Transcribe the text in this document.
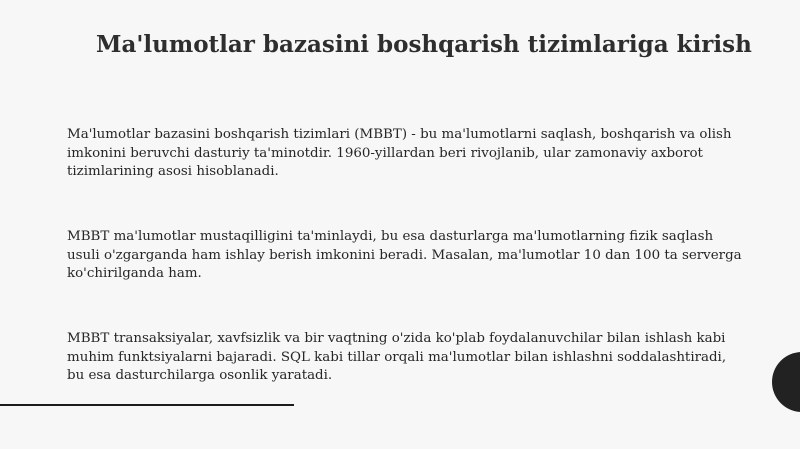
Ma'lumotlar bazasini boshqarish tizimlariga kirish

Ma'lumotlar bazasini boshqarish tizimlari (MBBT) - bu ma'lumotlarni saqlash, boshqarish va olish imkonini beruvchi dasturiy ta'minotdir. 1960-yillardan beri rivojlanib, ular zamonaviy axborot tizimlarining asosi hisoblanadi.

MBBT ma'lumotlar mustaqilligini ta'minlaydi, bu esa dasturlarga ma'lumotlarning fizik saqlash usuli o'zgarganda ham ishlay berish imkonini beradi. Masalan, ma'lumotlar 10 dan 100 ta serverga ko'chirilganda ham.

MBBT transaksiyalar, xavfsizlik va bir vaqtning o'zida ko'plab foydalanuvchilar bilan ishlash kabi muhim funktsiyalarni bajaradi. SQL kabi tillar orqali ma'lumotlar bilan ishlashni soddalashtiradi, bu esa dasturchilarga osonlik yaratadi.
